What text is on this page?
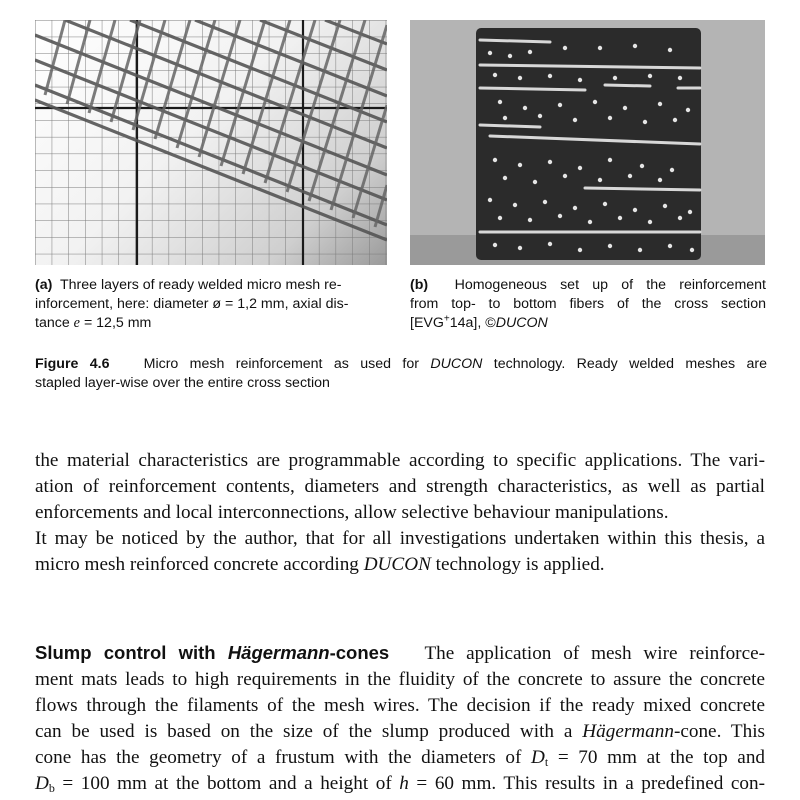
(a) Three layers of ready welded micro mesh re-
inforcement, here: diameter ø = 1,2 mm, axial dis-
tance e = 12,5 mm
(b) Homogeneous set up of the reinforcement
from top- to bottom fibers of the cross section
[EVG+14a], ©DUCON
Figure 4.6 Micro mesh reinforcement as used for DUCON technology. Ready welded meshes are
stapled layer-wise over the entire cross section
the material characteristics are programmable according to specific applications. The vari-
ation of reinforcement contents, diameters and strength characteristics, as well as partial
enforcements and local interconnections, allow selective behaviour manipulations.
It may be noticed by the author, that for all investigations undertaken within this thesis, a
micro mesh reinforced concrete according DUCON technology is applied.
Slump control with Hägermann-cones The application of mesh wire reinforce-
ment mats leads to high requirements in the fluidity of the concrete to assure the concrete
flows through the filaments of the mesh wires. The decision if the ready mixed concrete
can be used is based on the size of the slump produced with a Hägermann-cone. This
cone has the geometry of a frustum with the diameters of $D_t = 70$ mm at the top and
$D_b = 100$ mm at the bottom and a height of h = 60 mm. This results in a predefined con-
